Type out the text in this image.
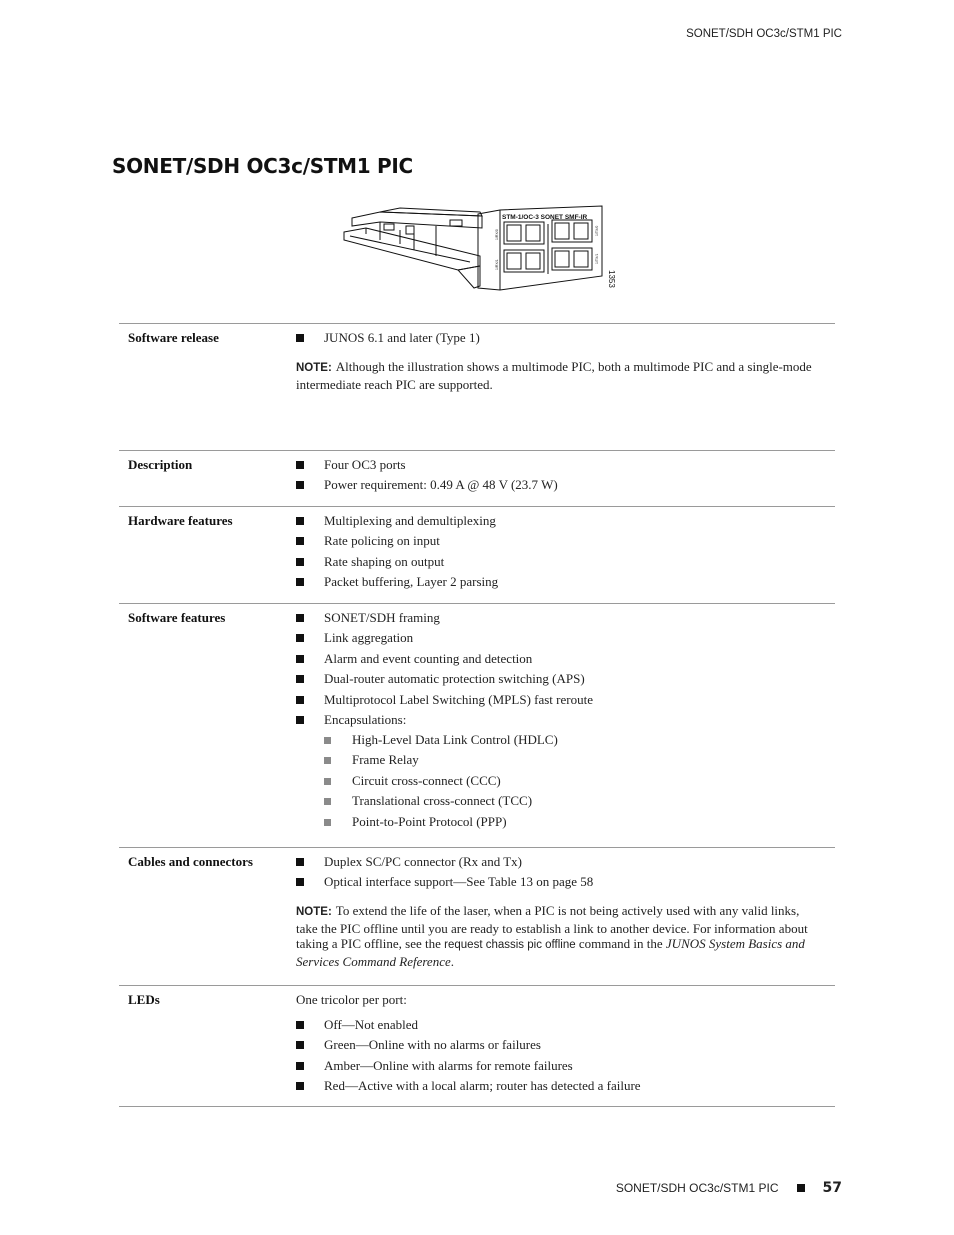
SONET/SDH OC3c/STM1 PIC
SONET/SDH OC3c/STM1 PIC
STM-1/OC-3 SONET SMF-IR
1353
1/RX/0
1/RX/1
1/TX/0
1/TX/1
Software release	JUNOS 6.1 and later (Type 1)
NOTE: Although the illustration shows a multimode PIC, both a multimode PIC and a single-mode intermediate reach PIC are supported.
Description	Four OC3 ports
Power requirement: 0.49 A @ 48 V (23.7 W)
Hardware features	Multiplexing and demultiplexing
Rate policing on input
Rate shaping on output
Packet buffering, Layer 2 parsing
Software features	SONET/SDH framing
Link aggregation
Alarm and event counting and detection
Dual-router automatic protection switching (APS)
Multiprotocol Label Switching (MPLS) fast reroute
Encapsulations:
High-Level Data Link Control (HDLC)
Frame Relay
Circuit cross-connect (CCC)
Translational cross-connect (TCC)
Point-to-Point Protocol (PPP)
Cables and connectors	Duplex SC/PC connector (Rx and Tx)
Optical interface support—See Table 13 on page 58
NOTE: To extend the life of the laser, when a PIC is not being actively used with any valid links, take the PIC offline until you are ready to establish a link to another device. For information about taking a PIC offline, see the request chassis pic offline command in the JUNOS System Basics and Services Command Reference.
LEDs	One tricolor per port:

Off—Not enabled
Green—Online with no alarms or failures
Amber—Online with alarms for remote failures
Red—Active with a local alarm; router has detected a failure
SONET/SDH OC3c/STM1 PIC	57
